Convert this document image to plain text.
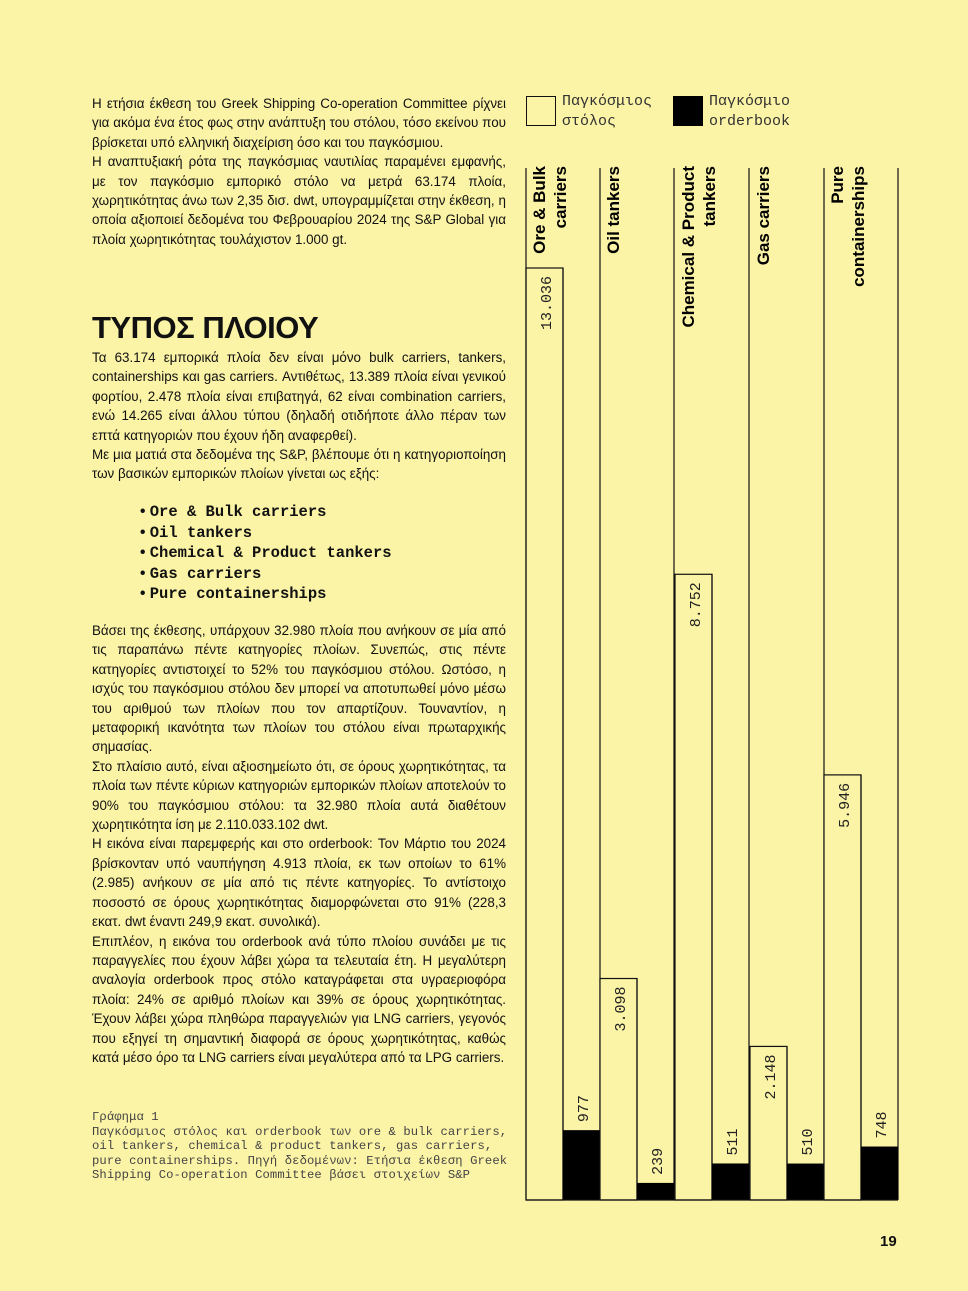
Η ετήσια έκθεση του Greek Shipping Co-operation Committee ρίχνει για ακόμα ένα έτος φως στην ανάπτυξη του στόλου, τόσο εκείνου που βρίσκεται υπό ελληνική διαχείριση όσο και του παγκόσμιου.

Η αναπτυξιακή ρότα της παγκόσμιας ναυτιλίας παραμένει εμφανής, με τον παγκόσμιο εμπορικό στόλο να μετρά 63.174 πλοία, χωρητικότητας άνω των 2,35 δισ. dwt, υπογραμμίζεται στην έκθεση, η οποία αξιοποιεί δεδομένα του Φεβρουαρίου 2024 της S&P Global για πλοία χωρητικότητας τουλάχιστον 1.000 gt.

ΤΥΠΟΣ ΠΛΟΙΟΥ

Τα 63.174 εμπορικά πλοία δεν είναι μόνο bulk carriers, tankers, containerships και gas carriers. Αντιθέτως, 13.389 πλοία είναι γενικού φορτίου, 2.478 πλοία είναι επιβατηγά, 62 είναι combination carriers, ενώ 14.265 είναι άλλου τύπου (δηλαδή οτιδήποτε άλλο πέραν των επτά κατηγοριών που έχουν ήδη αναφερθεί).

Με μια ματιά στα δεδομένα της S&P, βλέπουμε ότι η κατηγοριοποίηση των βασικών εμπορικών πλοίων γίνεται ως εξής:

• Ore & Bulk carriers
• Oil tankers
• Chemical & Product tankers
• Gas carriers
• Pure containerships

Βάσει της έκθεσης, υπάρχουν 32.980 πλοία που ανήκουν σε μία από τις παραπάνω πέντε κατηγορίες πλοίων. Συνεπώς, στις πέντε κατηγορίες αντιστοιχεί το 52% του παγκόσμιου στόλου. Ωστόσο, η ισχύς του παγκόσμιου στόλου δεν μπορεί να αποτυπωθεί μόνο μέσω του αριθμού των πλοίων που τον απαρτίζουν. Τουναντίον, η μεταφορική ικανότητα των πλοίων του στόλου είναι πρωταρχικής σημασίας.

Στο πλαίσιο αυτό, είναι αξιοσημείωτο ότι, σε όρους χωρητικότητας, τα πλοία των πέντε κύριων κατηγοριών εμπορικών πλοίων αποτελούν το 90% του παγκόσμιου στόλου: τα 32.980 πλοία αυτά διαθέτουν χωρητικότητα ίση με 2.110.033.102 dwt.

Η εικόνα είναι παρεμφερής και στο orderbook: Τον Μάρτιο του 2024 βρίσκονταν υπό ναυπήγηση 4.913 πλοία, εκ των οποίων το 61% (2.985) ανήκουν σε μία από τις πέντε κατηγορίες. Το αντίστοιχο ποσοστό σε όρους χωρητικότητας διαμορφώνεται στο 91% (228,3 εκατ. dwt έναντι 249,9 εκατ. συνολικά).

Επιπλέον, η εικόνα του orderbook ανά τύπο πλοίου συνάδει με τις παραγγελίες που έχουν λάβει χώρα τα τελευταία έτη. Η μεγαλύτερη αναλογία orderbook προς στόλο καταγράφεται στα υγραεριοφόρα πλοία: 24% σε αριθμό πλοίων και 39% σε όρους χωρητικότητας. Έχουν λάβει χώρα πληθώρα παραγγελιών για LNG carriers, γεγονός που εξηγεί τη σημαντική διαφορά σε όρους χωρητικότητας, καθώς κατά μέσο όρο τα LNG carriers είναι μεγαλύτερα από τα LPG carriers.

Γράφημα 1
Παγκόσμιος στόλος και orderbook των ore & bulk carriers, oil tankers, chemical & product tankers, gas carriers, pure containerships. Πηγή δεδομένων: Ετήσια έκθεση Greek Shipping Co-operation Committee βάσει στοιχείων S&P

Παγκόσμιος στόλος
Παγκόσμιο orderbook
13.036
977
Ore & Bulk carriers
3.098
239
Oil tankers
8.752
511
Chemical & Product tankers
2.148
510
Gas carriers
5.946
748
Pure containerships
19
